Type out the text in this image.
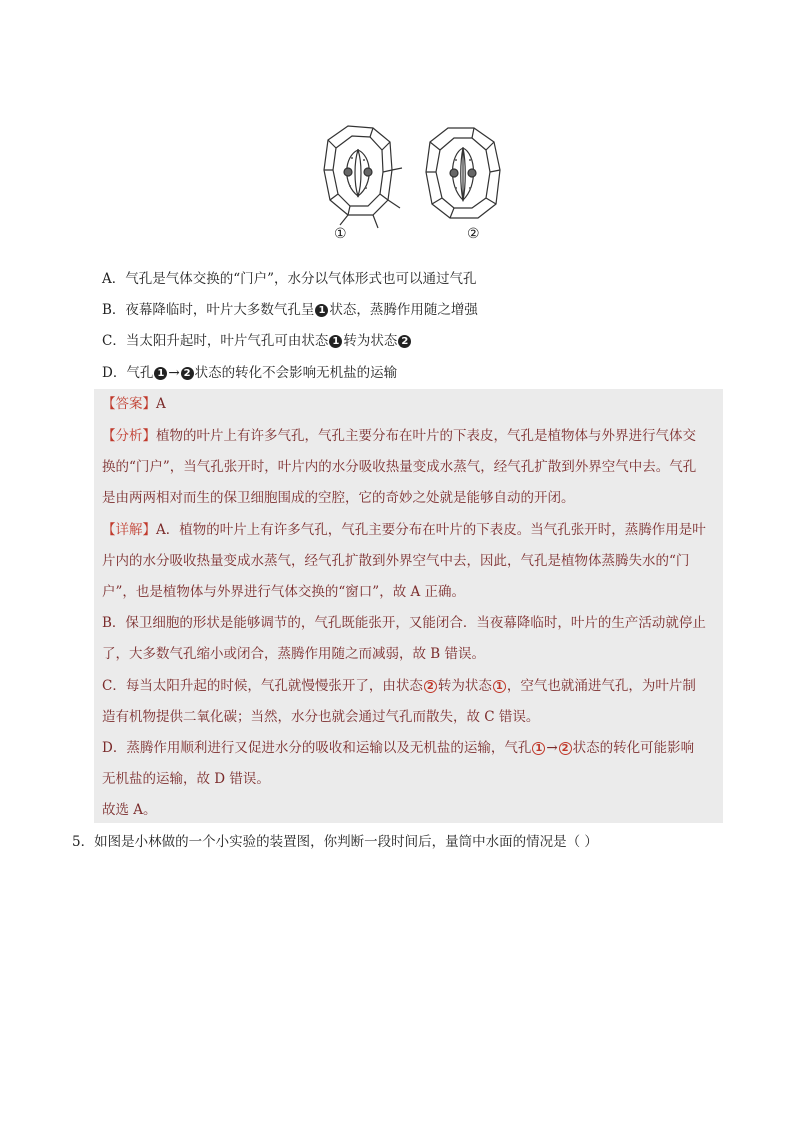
①	②
A．气孔是气体交换的“门户”，水分以气体形式也可以通过气孔
B．夜幕降临时，叶片大多数气孔呈 1 状态，蒸腾作用随之增强
C．当太阳升起时，叶片气孔可由状态 1 转为状态 2
D．气孔 1 → 2 状态的转化不会影响无机盐的运输
【答案】A
【分析】植物的叶片上有许多气孔，气孔主要分布在叶片的下表皮，气孔是植物体与外界进行气体交
换的“门户”，当气孔张开时，叶片内的水分吸收热量变成水蒸气，经气孔扩散到外界空气中去。气孔
是由两两相对而生的保卫细胞围成的空腔，它的奇妙之处就是能够自动的开闭。
【详解】A．植物的叶片上有许多气孔，气孔主要分布在叶片的下表皮。当气孔张开时，蒸腾作用是叶
片内的水分吸收热量变成水蒸气，经气孔扩散到外界空气中去，因此，气孔是植物体蒸腾失水的“门
户”，也是植物体与外界进行气体交换的“窗口”，故 A 正确。
B．保卫细胞的形状是能够调节的，气孔既能张开，又能闭合．当夜幕降临时，叶片的生产活动就停止
了，大多数气孔缩小或闭合，蒸腾作用随之而减弱，故 B 错误。
C．每当太阳升起的时候，气孔就慢慢张开了，由状态 2 转为状态 1 ，空气也就涌进气孔，为叶片制
造有机物提供二氧化碳；当然，水分也就会通过气孔而散失，故 C 错误。
D．蒸腾作用顺利进行又促进水分的吸收和运输以及无机盐的运输，气孔 1 → 2 状态的转化可能影响
无机盐的运输，故 D 错误。
故选 A。
5．如图是小林做的一个小实验的装置图，你判断一段时间后，量筒中水面的情况是（ ）
